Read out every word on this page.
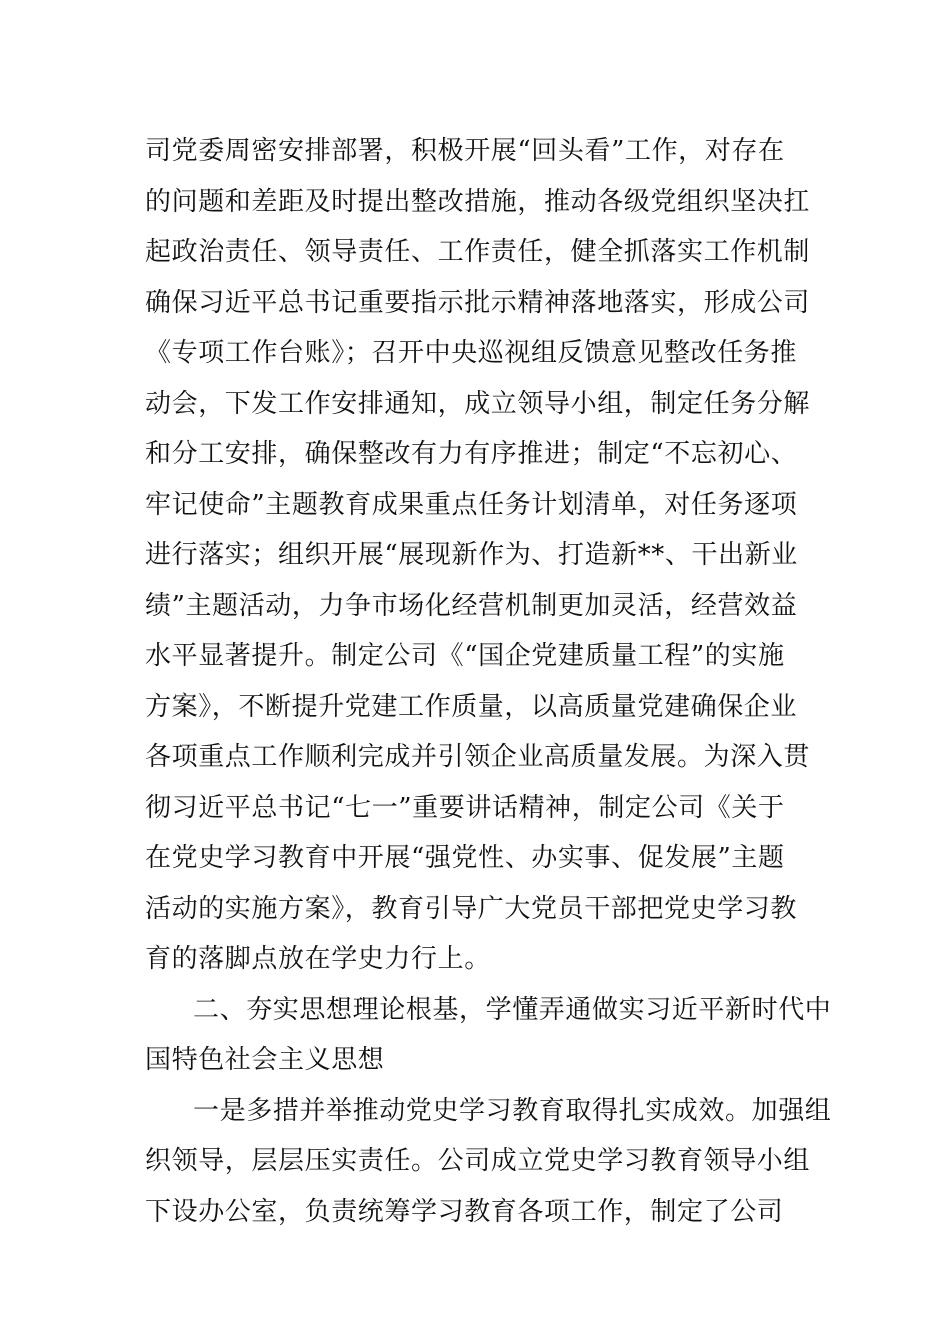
司党委周密安排部署，积极开展“回头看”工作，对存在
的问题和差距及时提出整改措施，推动各级党组织坚决扛
起政治责任、领导责任、工作责任，健全抓落实工作机制
确保习近平总书记重要指示批示精神落地落实，形成公司
《专项工作台账》；召开中央巡视组反馈意见整改任务推
动会，下发工作安排通知，成立领导小组，制定任务分解
和分工安排，确保整改有力有序推进；制定“不忘初心、
牢记使命”主题教育成果重点任务计划清单，对任务逐项
进行落实；组织开展“展现新作为、打造新**、干出新业
绩”主题活动，力争市场化经营机制更加灵活，经营效益
水平显著提升。制定公司《“国企党建质量工程”的实施
方案》，不断提升党建工作质量，以高质量党建确保企业
各项重点工作顺利完成并引领企业高质量发展。为深入贯
彻习近平总书记“七一”重要讲话精神，制定公司《关于
在党史学习教育中开展“强党性、办实事、促发展”主题
活动的实施方案》，教育引导广大党员干部把党史学习教
育的落脚点放在学史力行上。
二、夯实思想理论根基，学懂弄通做实习近平新时代中
国特色社会主义思想
一是多措并举推动党史学习教育取得扎实成效。加强组
织领导，层层压实责任。公司成立党史学习教育领导小组
下设办公室，负责统筹学习教育各项工作，制定了公司
